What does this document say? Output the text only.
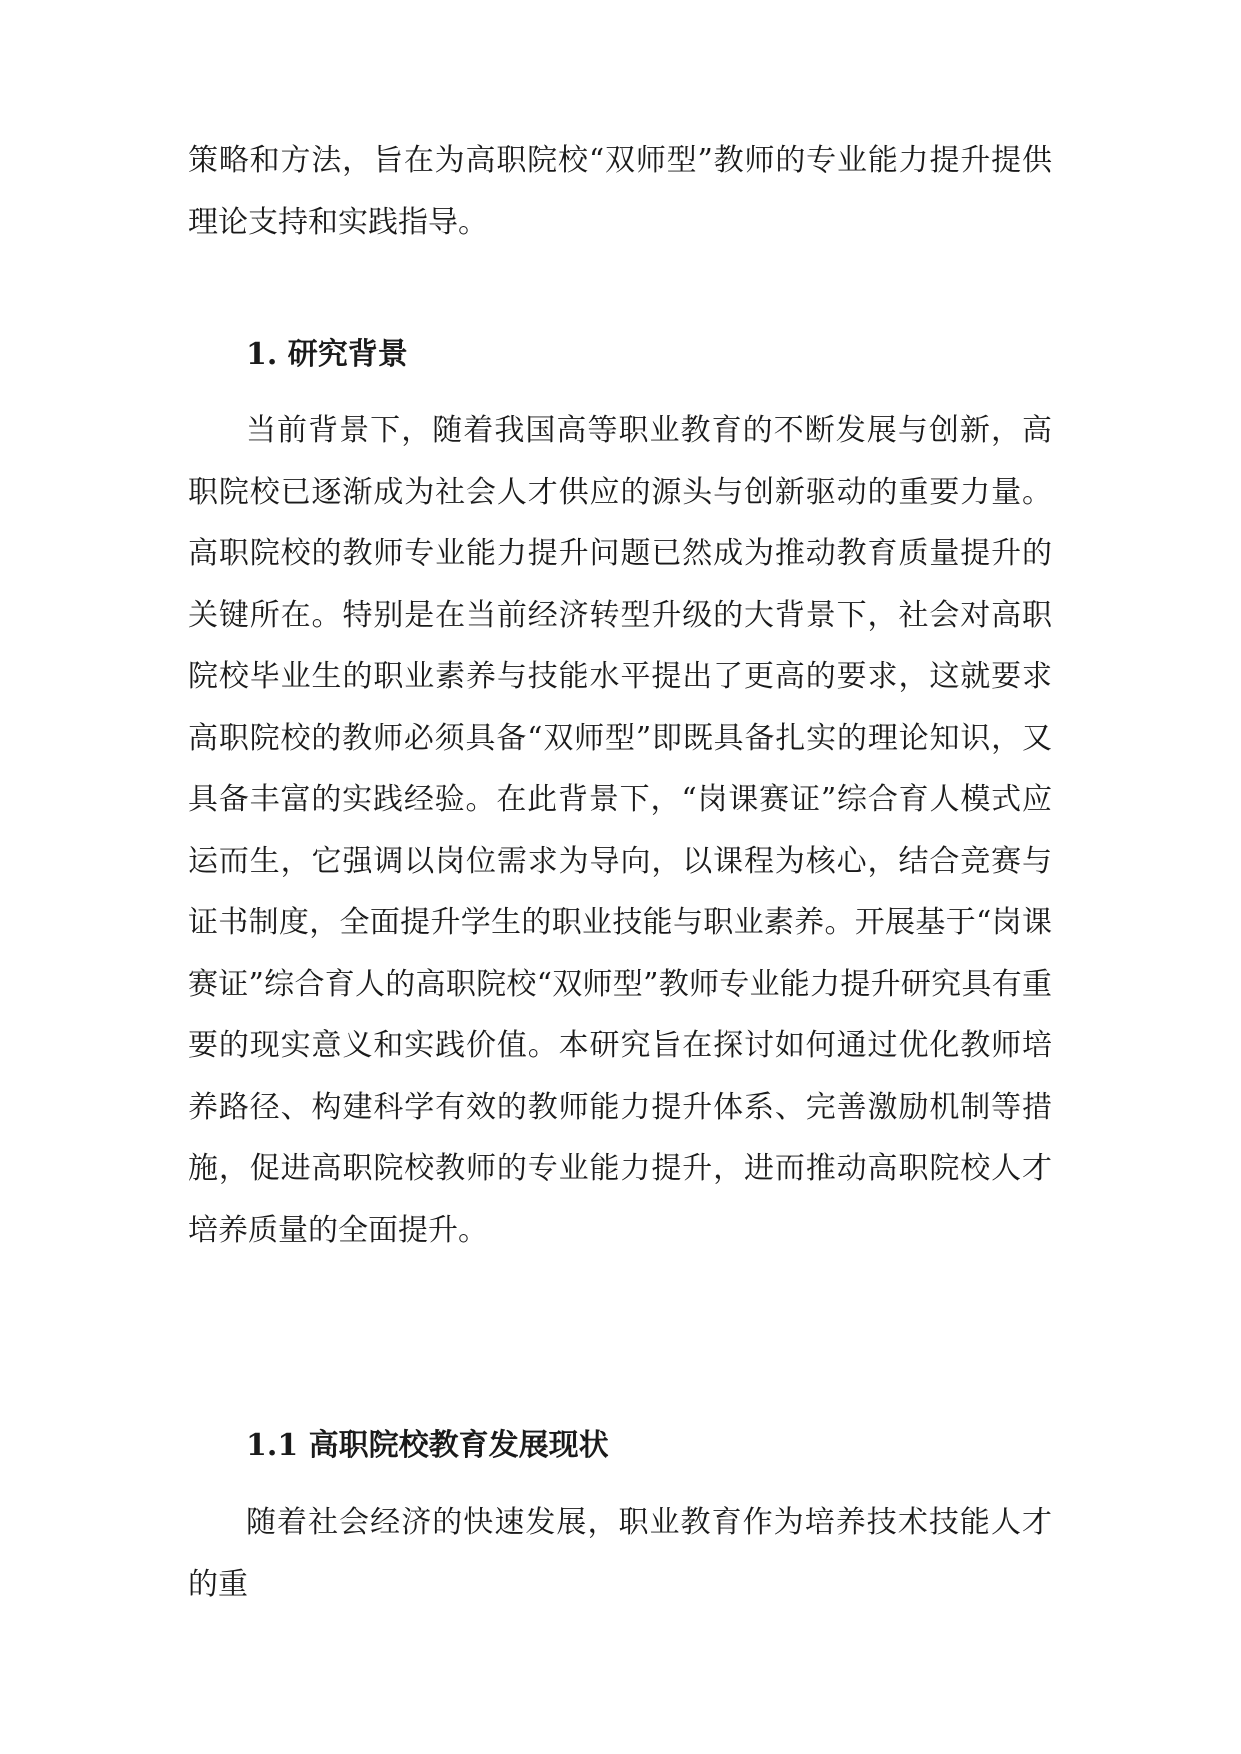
策略和方法，旨在为高职院校“双师型”教师的专业能力提升提供理论支持和实践指导。

1. 研究背景

当前背景下，随着我国高等职业教育的不断发展与创新，高职院校已逐渐成为社会人才供应的源头与创新驱动的重要力量。高职院校的教师专业能力提升问题已然成为推动教育质量提升的关键所在。特别是在当前经济转型升级的大背景下，社会对高职院校毕业生的职业素养与技能水平提出了更高的要求，这就要求高职院校的教师必须具备“双师型”即既具备扎实的理论知识，又具备丰富的实践经验。在此背景下，“岗课赛证”综合育人模式应运而生，它强调以岗位需求为导向，以课程为核心，结合竞赛与证书制度，全面提升学生的职业技能与职业素养。开展基于“岗课赛证”综合育人的高职院校“双师型”教师专业能力提升研究具有重要的现实意义和实践价值。本研究旨在探讨如何通过优化教师培养路径、构建科学有效的教师能力提升体系、完善激励机制等措施，促进高职院校教师的专业能力提升，进而推动高职院校人才培养质量的全面提升。

1.1 高职院校教育发展现状

随着社会经济的快速发展，职业教育作为培养技术技能人才的重
